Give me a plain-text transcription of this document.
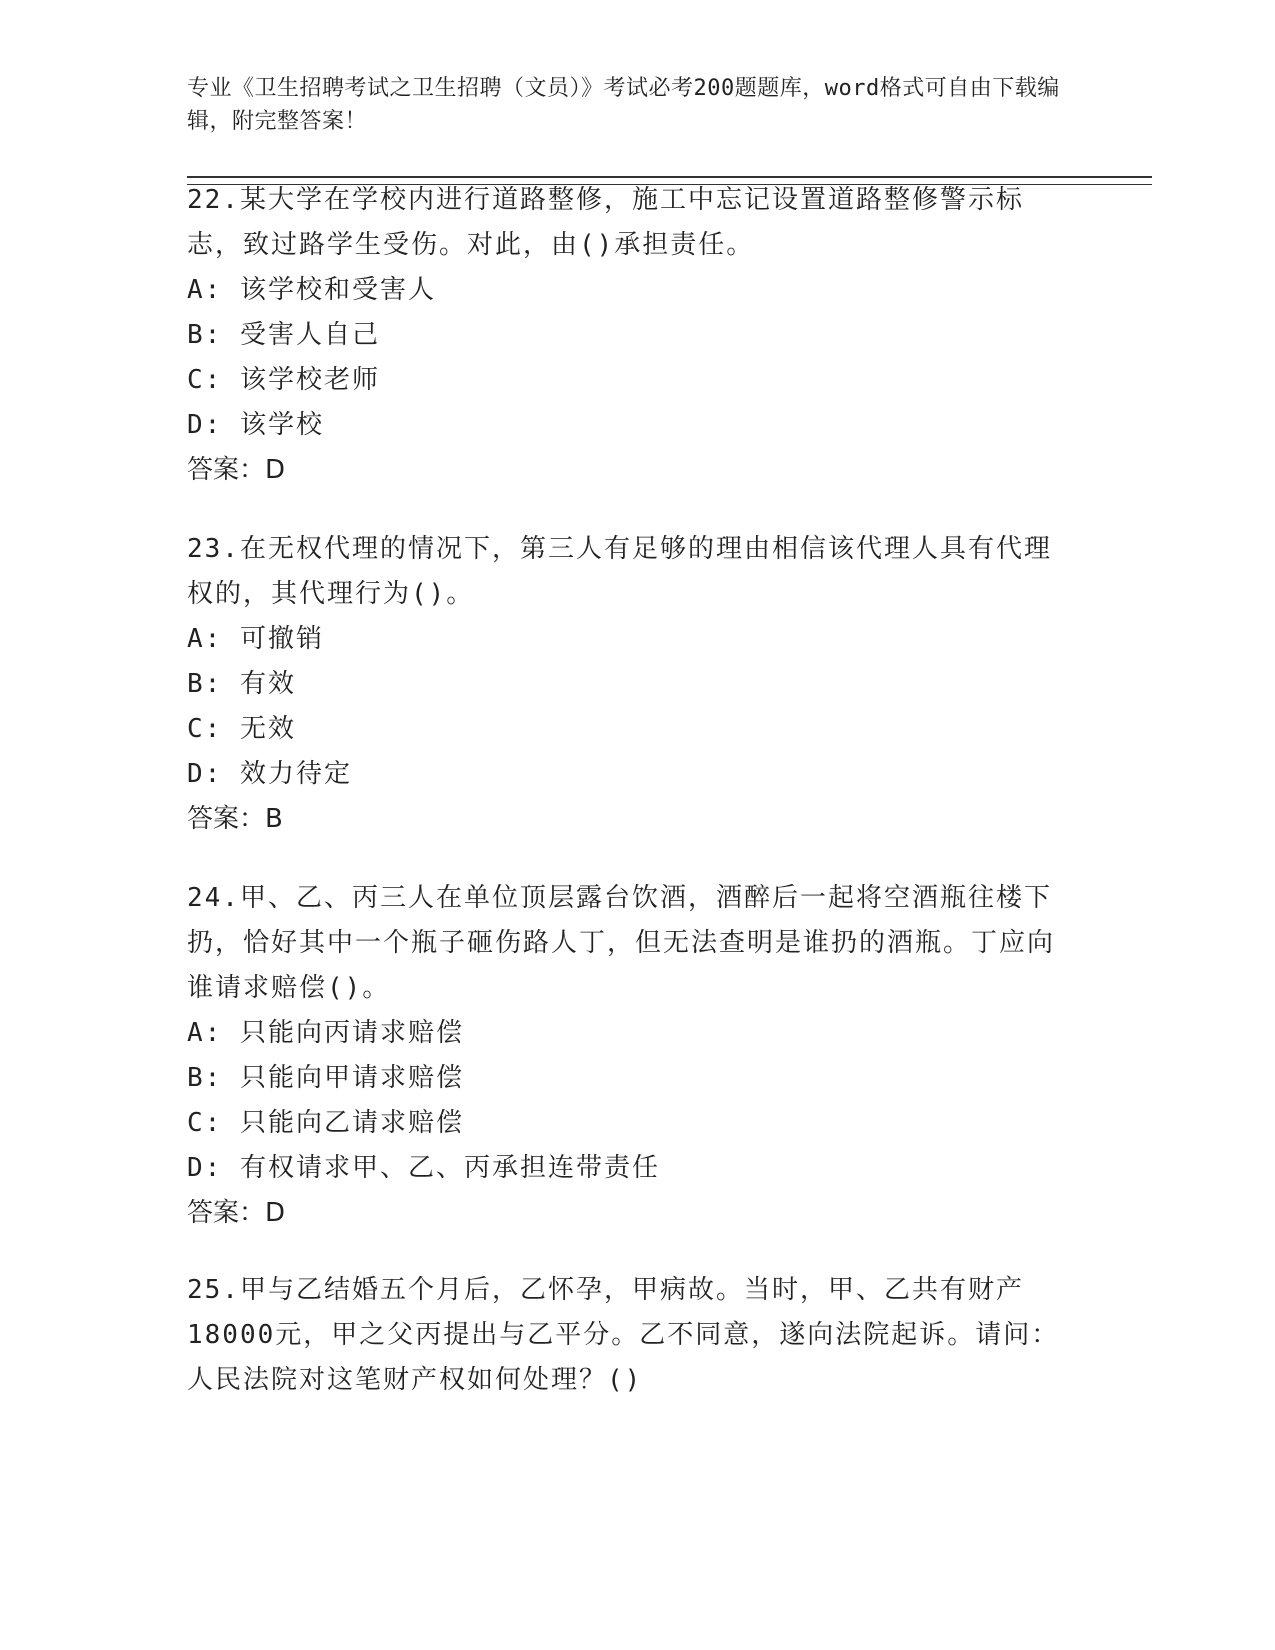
专业《卫生招聘考试之卫生招聘（文员）》考试必考200题题库，word格式可自由下载编辑，附完整答案！

22.某大学在学校内进行道路整修，施工中忘记设置道路整修警示标志，致过路学生受伤。对此，由()承担责任。

A: 该学校和受害人

B: 受害人自己

C: 该学校老师

D: 该学校

答案：D

23.在无权代理的情况下，第三人有足够的理由相信该代理人具有代理权的，其代理行为()。

A: 可撤销

B: 有效

C: 无效

D: 效力待定

答案：B

24.甲、乙、丙三人在单位顶层露台饮酒，酒醉后一起将空酒瓶往楼下扔，恰好其中一个瓶子砸伤路人丁，但无法查明是谁扔的酒瓶。丁应向谁请求赔偿()。

A: 只能向丙请求赔偿

B: 只能向甲请求赔偿

C: 只能向乙请求赔偿

D: 有权请求甲、乙、丙承担连带责任

答案：D

25.甲与乙结婚五个月后，乙怀孕，甲病故。当时，甲、乙共有财产18000元，甲之父丙提出与乙平分。乙不同意，遂向法院起诉。请问：人民法院对这笔财产权如何处理？()
